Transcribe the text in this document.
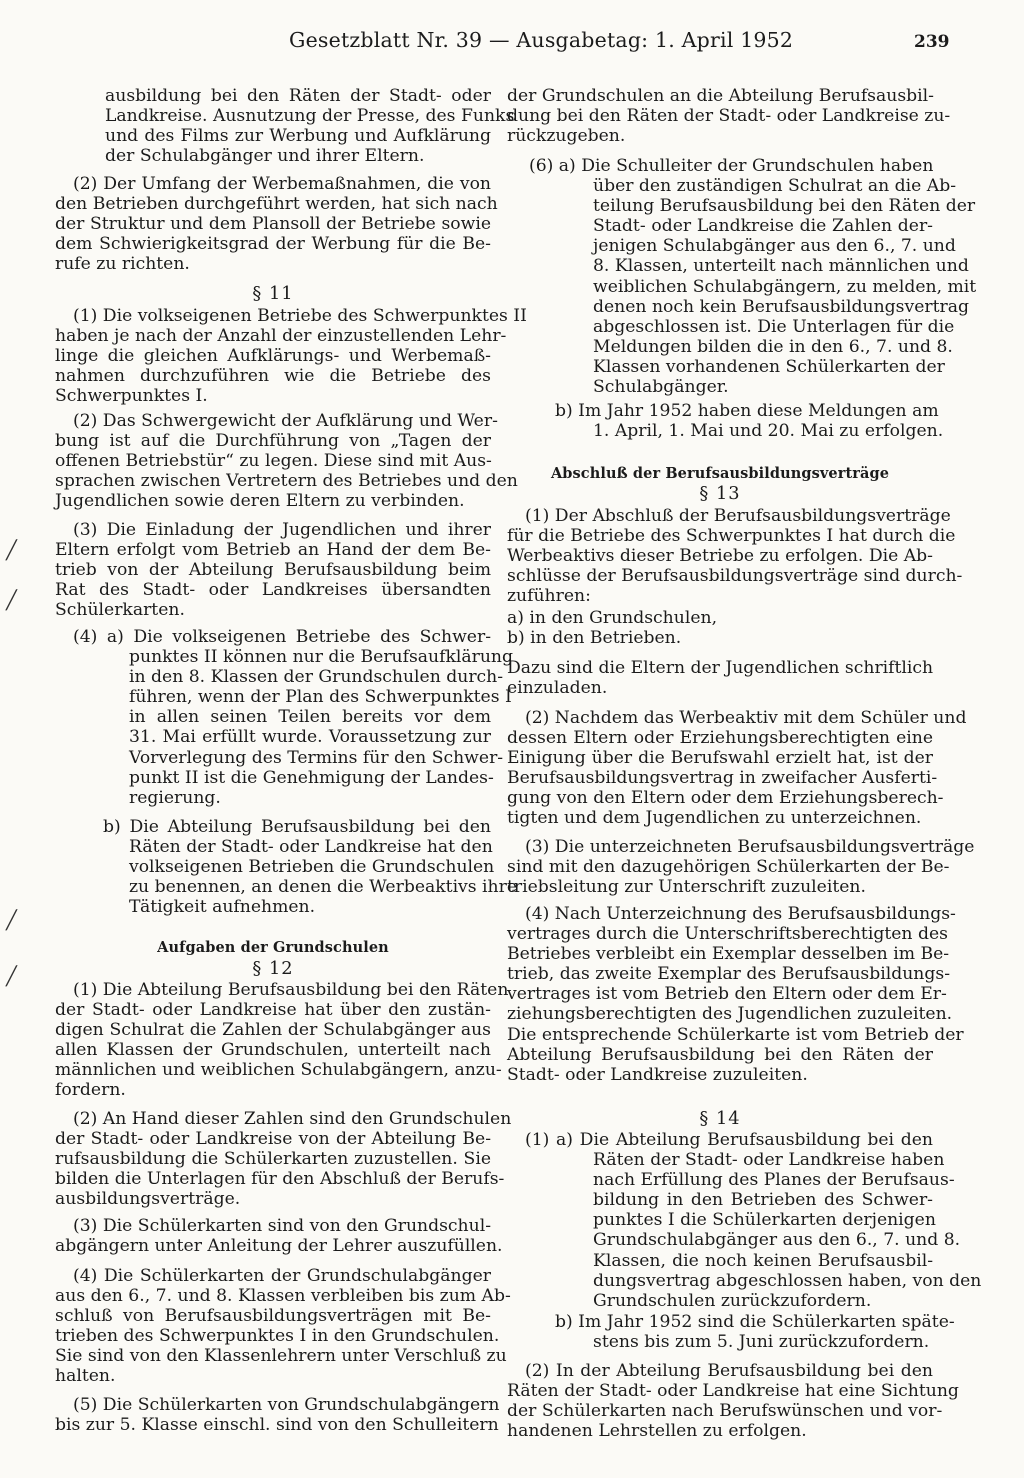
Gesetzblatt Nr. 39 — Ausgabetag: 1. April 1952	239
ausbildung bei den Räten der Stadt- oder
Landkreise. Ausnutzung der Presse, des Funks
und des Films zur Werbung und Aufklärung
der Schulabgänger und ihrer Eltern.
(2) Der Umfang der Werbemaßnahmen, die von
den Betrieben durchgeführt werden, hat sich nach
der Struktur und dem Plansoll der Betriebe sowie
dem Schwierigkeitsgrad der Werbung für die Be-
rufe zu richten.
§ 11
(1) Die volkseigenen Betriebe des Schwerpunktes II
haben je nach der Anzahl der einzustellenden Lehr-
linge die gleichen Aufklärungs- und Werbemaß-
nahmen durchzuführen wie die Betriebe des
Schwerpunktes I.
(2) Das Schwergewicht der Aufklärung und Wer-
bung ist auf die Durchführung von „Tagen der
offenen Betriebstür“ zu legen. Diese sind mit Aus-
sprachen zwischen Vertretern des Betriebes und den
Jugendlichen sowie deren Eltern zu verbinden.
(3) Die Einladung der Jugendlichen und ihrer
Eltern erfolgt vom Betrieb an Hand der dem Be-
trieb von der Abteilung Berufsausbildung beim
Rat des Stadt- oder Landkreises übersandten
Schülerkarten.
(4) a) Die volkseigenen Betriebe des Schwer-
punktes II können nur die Berufsaufklärung
in den 8. Klassen der Grundschulen durch-
führen, wenn der Plan des Schwerpunktes I
in allen seinen Teilen bereits vor dem
31. Mai erfüllt wurde. Voraussetzung zur
Vorverlegung des Termins für den Schwer-
punkt II ist die Genehmigung der Landes-
regierung.
b) Die Abteilung Berufsausbildung bei den
Räten der Stadt- oder Landkreise hat den
volkseigenen Betrieben die Grundschulen
zu benennen, an denen die Werbeaktivs ihre
Tätigkeit aufnehmen.
Aufgaben der Grundschulen
§ 12
(1) Die Abteilung Berufsausbildung bei den Räten
der Stadt- oder Landkreise hat über den zustän-
digen Schulrat die Zahlen der Schulabgänger aus
allen Klassen der Grundschulen, unterteilt nach
männlichen und weiblichen Schulabgängern, anzu-
fordern.
(2) An Hand dieser Zahlen sind den Grundschulen
der Stadt- oder Landkreise von der Abteilung Be-
rufsausbildung die Schülerkarten zuzustellen. Sie
bilden die Unterlagen für den Abschluß der Berufs-
ausbildungsverträge.
(3) Die Schülerkarten sind von den Grundschul-
abgängern unter Anleitung der Lehrer auszufüllen.
(4) Die Schülerkarten der Grundschulabgänger
aus den 6., 7. und 8. Klassen verbleiben bis zum Ab-
schluß von Berufsausbildungsverträgen mit Be-
trieben des Schwerpunktes I in den Grundschulen.
Sie sind von den Klassenlehrern unter Verschluß zu
halten.
(5) Die Schülerkarten von Grundschulabgängern
bis zur 5. Klasse einschl. sind von den Schulleitern
der Grundschulen an die Abteilung Berufsausbil-
dung bei den Räten der Stadt- oder Landkreise zu-
rückzugeben.
(6) a) Die Schulleiter der Grundschulen haben
über den zuständigen Schulrat an die Ab-
teilung Berufsausbildung bei den Räten der
Stadt- oder Landkreise die Zahlen der-
jenigen Schulabgänger aus den 6., 7. und
8. Klassen, unterteilt nach männlichen und
weiblichen Schulabgängern, zu melden, mit
denen noch kein Berufsausbildungsvertrag
abgeschlossen ist. Die Unterlagen für die
Meldungen bilden die in den 6., 7. und 8.
Klassen vorhandenen Schülerkarten der
Schulabgänger.
b) Im Jahr 1952 haben diese Meldungen am
1. April, 1. Mai und 20. Mai zu erfolgen.
Abschluß der Berufsausbildungsverträge
§ 13
(1) Der Abschluß der Berufsausbildungsverträge
für die Betriebe des Schwerpunktes I hat durch die
Werbeaktivs dieser Betriebe zu erfolgen. Die Ab-
schlüsse der Berufsausbildungsverträge sind durch-
zuführen:
a) in den Grundschulen,
b) in den Betrieben.
Dazu sind die Eltern der Jugendlichen schriftlich
einzuladen.
(2) Nachdem das Werbeaktiv mit dem Schüler und
dessen Eltern oder Erziehungsberechtigten eine
Einigung über die Berufswahl erzielt hat, ist der
Berufsausbildungsvertrag in zweifacher Ausferti-
gung von den Eltern oder dem Erziehungsberech-
tigten und dem Jugendlichen zu unterzeichnen.
(3) Die unterzeichneten Berufsausbildungsverträge
sind mit den dazugehörigen Schülerkarten der Be-
triebsleitung zur Unterschrift zuzuleiten.
(4) Nach Unterzeichnung des Berufsausbildungs-
vertrages durch die Unterschriftsberechtigten des
Betriebes verbleibt ein Exemplar desselben im Be-
trieb, das zweite Exemplar des Berufsausbildungs-
vertrages ist vom Betrieb den Eltern oder dem Er-
ziehungsberechtigten des Jugendlichen zuzuleiten.
Die entsprechende Schülerkarte ist vom Betrieb der
Abteilung Berufsausbildung bei den Räten der
Stadt- oder Landkreise zuzuleiten.
§ 14
(1) a) Die Abteilung Berufsausbildung bei den
Räten der Stadt- oder Landkreise haben
nach Erfüllung des Planes der Berufsaus-
bildung in den Betrieben des Schwer-
punktes I die Schülerkarten derjenigen
Grundschulabgänger aus den 6., 7. und 8.
Klassen, die noch keinen Berufsausbil-
dungsvertrag abgeschlossen haben, von den
Grundschulen zurückzufordern.
b) Im Jahr 1952 sind die Schülerkarten späte-
stens bis zum 5. Juni zurückzufordern.
(2) In der Abteilung Berufsausbildung bei den
Räten der Stadt- oder Landkreise hat eine Sichtung
der Schülerkarten nach Berufswünschen und vor-
handenen Lehrstellen zu erfolgen.
╱
╱
╱
╱
